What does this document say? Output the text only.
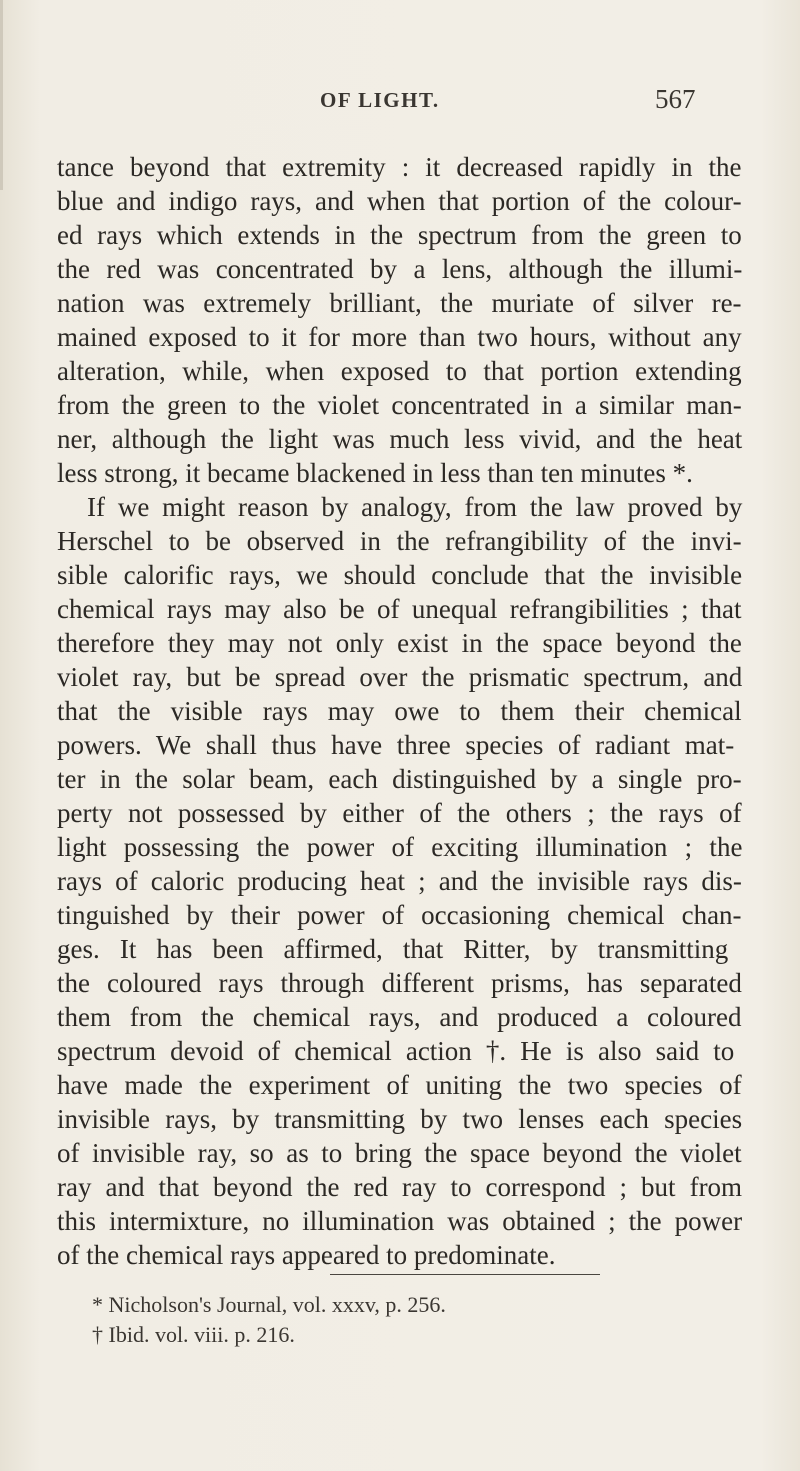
OF LIGHT.	567
tance beyond that extremity : it decreased rapidly in the
blue and indigo rays, and when that portion of the colour-
ed rays which extends in the spectrum from the green to
the red was concentrated by a lens, although the illumi-
nation was extremely brilliant, the muriate of silver re-
mained exposed to it for more than two hours, without any
alteration, while, when exposed to that portion extending
from the green to the violet concentrated in a similar man-
ner, although the light was much less vivid, and the heat
less strong, it became blackened in less than ten minutes *.
If we might reason by analogy, from the law proved by
Herschel to be observed in the refrangibility of the invi-
sible calorific rays, we should conclude that the invisible
chemical rays may also be of unequal refrangibilities ; that
therefore they may not only exist in the space beyond the
violet ray, but be spread over the prismatic spectrum, and
that the visible rays may owe to them their chemical
powers. We shall thus have three species of radiant mat-
ter in the solar beam, each distinguished by a single pro-
perty not possessed by either of the others ; the rays of
light possessing the power of exciting illumination ; the
rays of caloric producing heat ; and the invisible rays dis-
tinguished by their power of occasioning chemical chan-
ges. It has been affirmed, that Ritter, by transmitting
the coloured rays through different prisms, has separated
them from the chemical rays, and produced a coloured
spectrum devoid of chemical action †. He is also said to
have made the experiment of uniting the two species of
invisible rays, by transmitting by two lenses each species
of invisible ray, so as to bring the space beyond the violet
ray and that beyond the red ray to correspond ; but from
this intermixture, no illumination was obtained ; the power
of the chemical rays appeared to predominate.
* Nicholson's Journal, vol. xxxv, p. 256.
† Ibid. vol. viii. p. 216.
